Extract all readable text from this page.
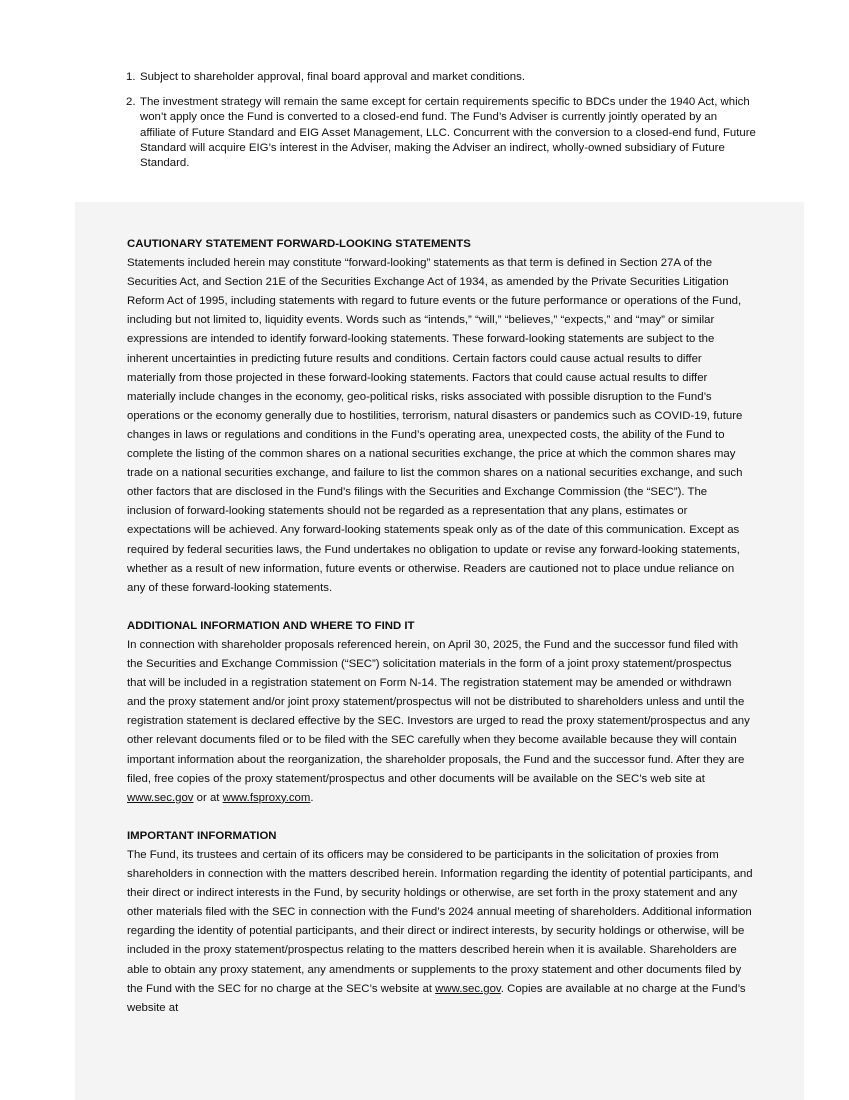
1. Subject to shareholder approval, final board approval and market conditions.
2. The investment strategy will remain the same except for certain requirements specific to BDCs under the 1940 Act, which won’t apply once the Fund is converted to a closed-end fund. The Fund’s Adviser is currently jointly operated by an affiliate of Future Standard and EIG Asset Management, LLC. Concurrent with the conversion to a closed-end fund, Future Standard will acquire EIG’s interest in the Adviser, making the Adviser an indirect, wholly-owned subsidiary of Future Standard.
CAUTIONARY STATEMENT FORWARD-LOOKING STATEMENTS

Statements included herein may constitute “forward-looking” statements as that term is defined in Section 27A of the Securities Act, and Section 21E of the Securities Exchange Act of 1934, as amended by the Private Securities Litigation Reform Act of 1995, including statements with regard to future events or the future performance or operations of the Fund, including but not limited to, liquidity events. Words such as “intends,” “will,” “believes,” “expects,” and “may” or similar expressions are intended to identify forward-looking statements. These forward-looking statements are subject to the inherent uncertainties in predicting future results and conditions. Certain factors could cause actual results to differ materially from those projected in these forward-looking statements. Factors that could cause actual results to differ materially include changes in the economy, geo-political risks, risks associated with possible disruption to the Fund’s operations or the economy generally due to hostilities, terrorism, natural disasters or pandemics such as COVID-19, future changes in laws or regulations and conditions in the Fund’s operating area, unexpected costs, the ability of the Fund to complete the listing of the common shares on a national securities exchange, the price at which the common shares may trade on a national securities exchange, and failure to list the common shares on a national securities exchange, and such other factors that are disclosed in the Fund’s filings with the Securities and Exchange Commission (the “SEC”). The inclusion of forward-looking statements should not be regarded as a representation that any plans, estimates or expectations will be achieved. Any forward-looking statements speak only as of the date of this communication. Except as required by federal securities laws, the Fund undertakes no obligation to update or revise any forward-looking statements, whether as a result of new information, future events or otherwise. Readers are cautioned not to place undue reliance on any of these forward-looking statements.

ADDITIONAL INFORMATION AND WHERE TO FIND IT

In connection with shareholder proposals referenced herein, on April 30, 2025, the Fund and the successor fund filed with the Securities and Exchange Commission (“SEC”) solicitation materials in the form of a joint proxy statement/prospectus that will be included in a registration statement on Form N-14. The registration statement may be amended or withdrawn and the proxy statement and/or joint proxy statement/prospectus will not be distributed to shareholders unless and until the registration statement is declared effective by the SEC. Investors are urged to read the proxy statement/prospectus and any other relevant documents filed or to be filed with the SEC carefully when they become available because they will contain important information about the reorganization, the shareholder proposals, the Fund and the successor fund. After they are filed, free copies of the proxy statement/prospectus and other documents will be available on the SEC’s web site at www.sec.gov or at www.fsproxy.com.

IMPORTANT INFORMATION

The Fund, its trustees and certain of its officers may be considered to be participants in the solicitation of proxies from shareholders in connection with the matters described herein. Information regarding the identity of potential participants, and their direct or indirect interests in the Fund, by security holdings or otherwise, are set forth in the proxy statement and any other materials filed with the SEC in connection with the Fund’s 2024 annual meeting of shareholders. Additional information regarding the identity of potential participants, and their direct or indirect interests, by security holdings or otherwise, will be included in the proxy statement/prospectus relating to the matters described herein when it is available. Shareholders are able to obtain any proxy statement, any amendments or supplements to the proxy statement and other documents filed by the Fund with the SEC for no charge at the SEC’s website at www.sec.gov. Copies are available at no charge at the Fund’s website at
